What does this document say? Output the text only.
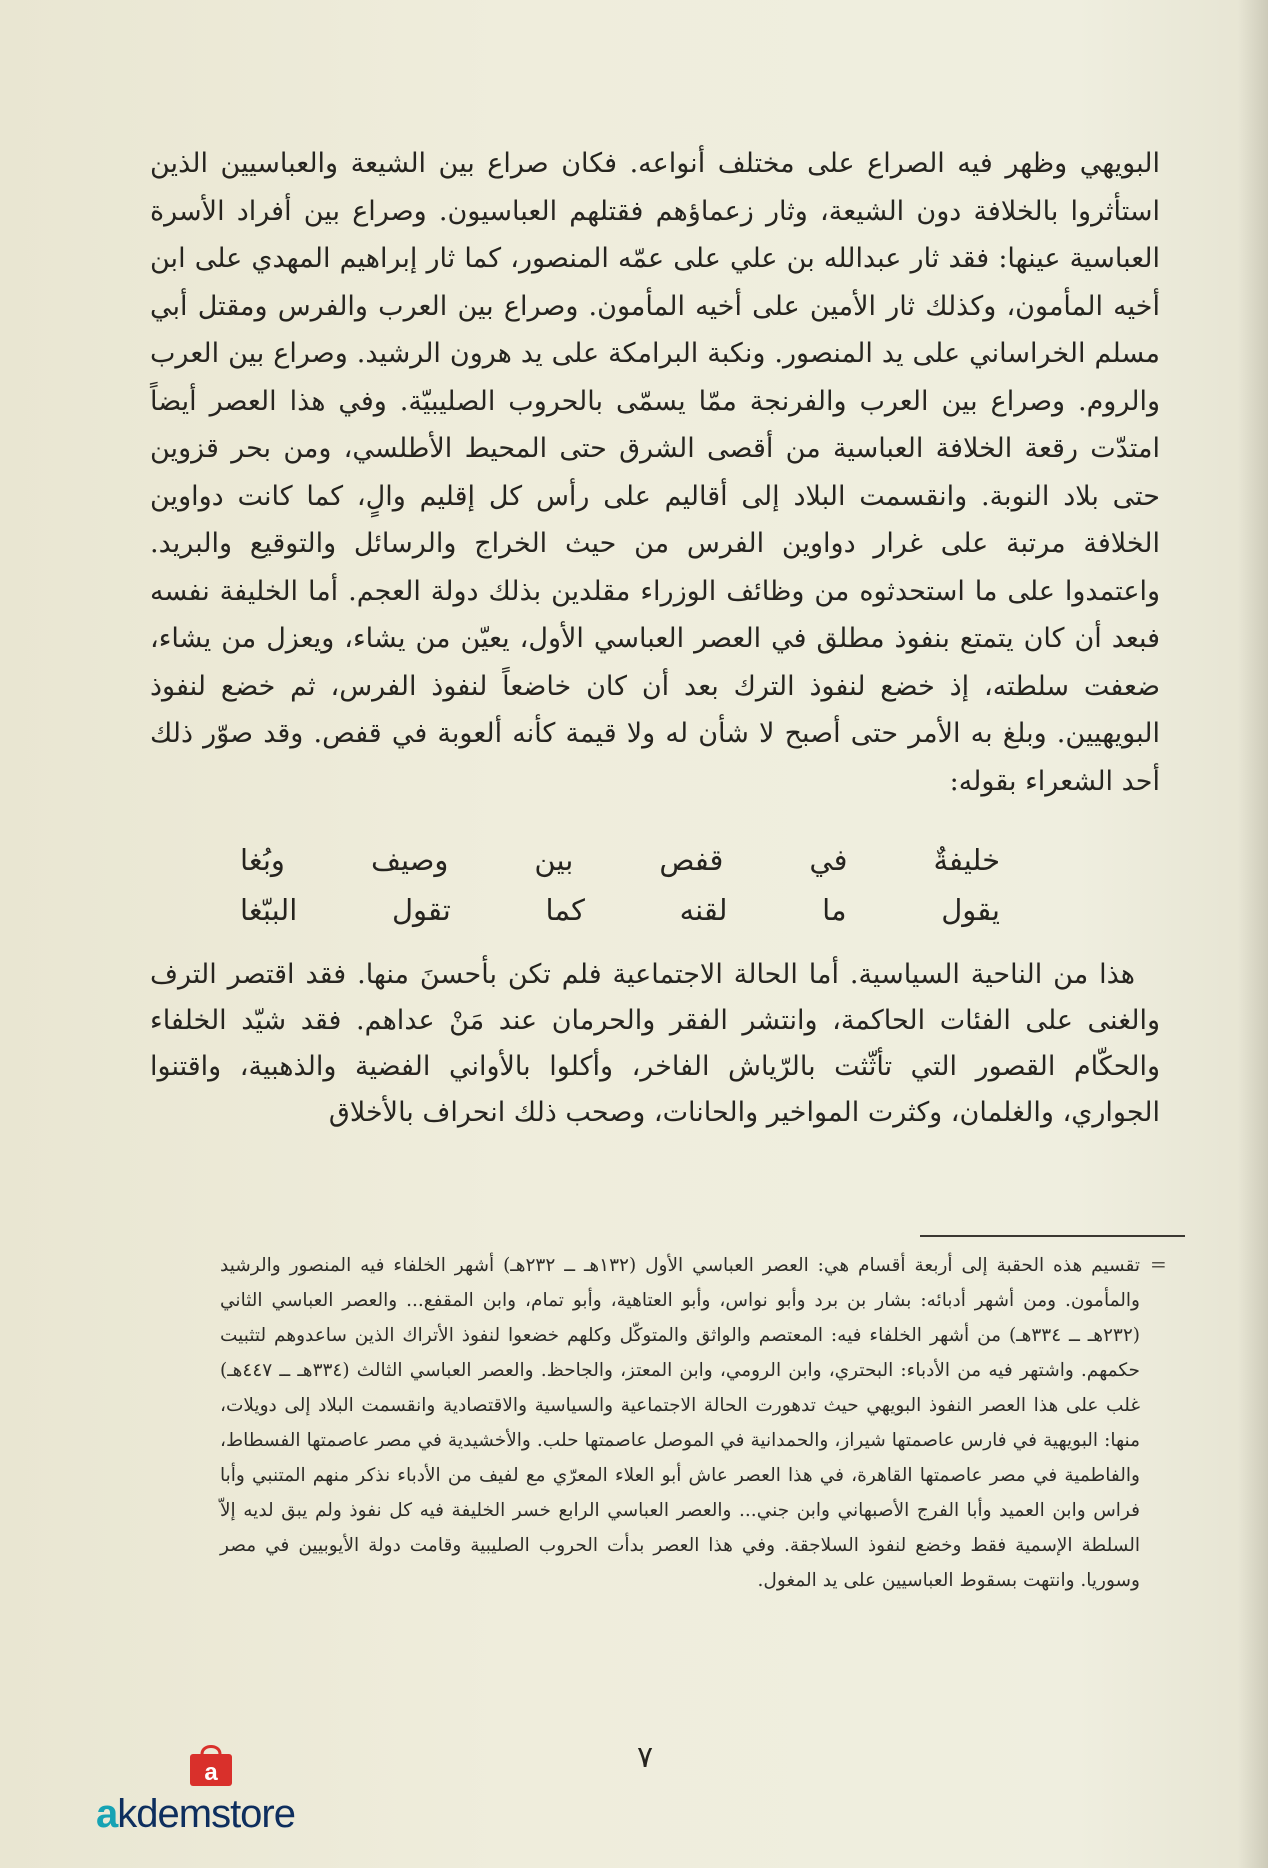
البويهي وظهر فيه الصراع على مختلف أنواعه. فكان صراع بين الشيعة والعباسيين الذين استأثروا بالخلافة دون الشيعة، وثار زعماؤهم فقتلهم العباسيون. وصراع بين أفراد الأسرة العباسية عينها: فقد ثار عبدالله بن علي على عمّه المنصور، كما ثار إبراهيم المهدي على ابن أخيه المأمون، وكذلك ثار الأمين على أخيه المأمون. وصراع بين العرب والفرس ومقتل أبي مسلم الخراساني على يد المنصور. ونكبة البرامكة على يد هرون الرشيد. وصراع بين العرب والروم. وصراع بين العرب والفرنجة ممّا يسمّى بالحروب الصليبيّة. وفي هذا العصر أيضاً امتدّت رقعة الخلافة العباسية من أقصى الشرق حتى المحيط الأطلسي، ومن بحر قزوين حتى بلاد النوبة. وانقسمت البلاد إلى أقاليم على رأس كل إقليم والٍ، كما كانت دواوين الخلافة مرتبة على غرار دواوين الفرس من حيث الخراج والرسائل والتوقيع والبريد. واعتمدوا على ما استحدثوه من وظائف الوزراء مقلدين بذلك دولة العجم. أما الخليفة نفسه فبعد أن كان يتمتع بنفوذ مطلق في العصر العباسي الأول، يعيّن من يشاء، ويعزل من يشاء، ضعفت سلطته، إذ خضع لنفوذ الترك بعد أن كان خاضعاً لنفوذ الفرس، ثم خضع لنفوذ البويهيين. وبلغ به الأمر حتى أصبح لا شأن له ولا قيمة كأنه ألعوبة في قفص. وقد صوّر ذلك أحد الشعراء بقوله:

خليفةٌ
في
قفص
بين
وصيف
وبُغا
يقول
ما
لقنه
كما
تقول
الببّغا

هذا من الناحية السياسية. أما الحالة الاجتماعية فلم تكن بأحسنَ منها. فقد اقتصر الترف والغنى على الفئات الحاكمة، وانتشر الفقر والحرمان عند مَنْ عداهم. فقد شيّد الخلفاء والحكّام القصور التي تأثّثت بالرّياش الفاخر، وأكلوا بالأواني الفضية والذهبية، واقتنوا الجواري، والغلمان، وكثرت المواخير والحانات، وصحب ذلك انحراف بالأخلاق

=

تقسيم هذه الحقبة إلى أربعة أقسام هي: العصر العباسي الأول (١٣٢هـ ــ ٢٣٢هـ) أشهر الخلفاء فيه المنصور والرشيد والمأمون. ومن أشهر أدبائه: بشار بن برد وأبو نواس، وأبو العتاهية، وأبو تمام، وابن المقفع... والعصر العباسي الثاني (٢٣٢هـ ــ ٣٣٤هـ) من أشهر الخلفاء فيه: المعتصم والواثق والمتوكّل وكلهم خضعوا لنفوذ الأتراك الذين ساعدوهم لتثبيت حكمهم. واشتهر فيه من الأدباء: البحتري، وابن الرومي، وابن المعتز، والجاحظ. والعصر العباسي الثالث (٣٣٤هـ ــ ٤٤٧هـ) غلب على هذا العصر النفوذ البويهي حيث تدهورت الحالة الاجتماعية والسياسية والاقتصادية وانقسمت البلاد إلى دويلات، منها: البويهية في فارس عاصمتها شيراز، والحمدانية في الموصل عاصمتها حلب. والأخشيدية في مصر عاصمتها الفسطاط، والفاطمية في مصر عاصمتها القاهرة، في هذا العصر عاش أبو العلاء المعرّي مع لفيف من الأدباء نذكر منهم المتنبي وأبا فراس وابن العميد وأبا الفرج الأصبهاني وابن جني... والعصر العباسي الرابع خسر الخليفة فيه كل نفوذ ولم يبق لديه إلاّ السلطة الإسمية فقط وخضع لنفوذ السلاجقة. وفي هذا العصر بدأت الحروب الصليبية وقامت دولة الأيوبيين في مصر وسوريا. وانتهت بسقوط العباسيين على يد المغول.

٧
a
akdemstore
